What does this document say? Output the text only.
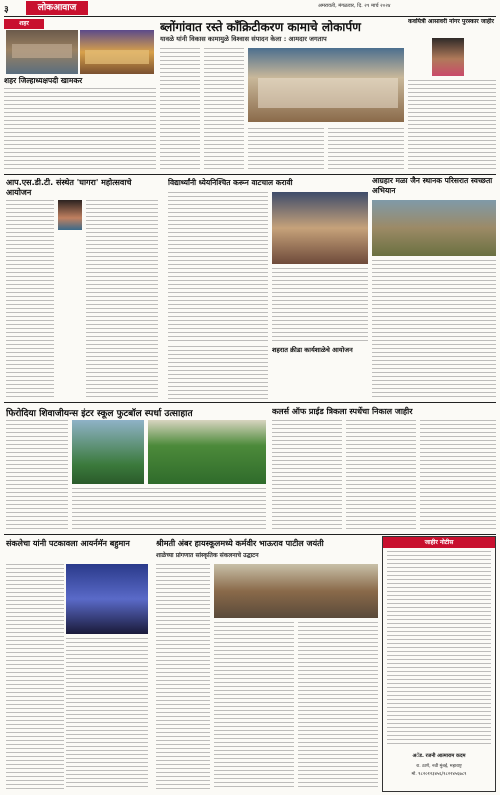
३	लोकआवाज	अमरावती, मंगळवार, दि. २९ मार्च २०२४
शहर
शहर जिल्हाध्यक्षपदी खामकर
ब्लोंगांवात रस्ते काँक्रिटीकरण कामाचे लोकार्पण
यावळे यांनी विकास कामामुळे विश्वास संपादन केला : आमदार जगताप
कवयित्री आसावरी नांगर पुरस्कार जाहीर
आप.एस.डी.टी. संस्थेत 'घागरा' महोत्सवाचे आयोजन
विद्यार्थ्यांनी ध्येयनिश्चित करून वाटचाल करावी	आग्रहार मळा जैन स्थानक परिसरात स्वच्छता अभियान
शहरात क्रीडा कार्यशाळेचे आयोजन
फिरोदिया शिवाजीयन्स इंटर स्कूल फुटबॉल स्पर्धा उत्साहात	कलर्स ऑफ प्राईड त्रिकला स्पर्धेचा निकाल जाहीर
संकलेचा यांनी पटकावला आयर्नमॅन बहुमान	श्रीमती अंबर हायस्कूलमध्ये कर्मवीर भाऊराव पाटील जयंती
शाळेच्या प्रांगणात सांस्कृतिक संकलनाचे उद्घाटन
जाहीर नोटीस
अॅड. रजनी आत्माराम कदम
रा. ठाणे, नवी मुंबई, महाराष्ट्र
मो. ९८२०१२३४५६/९८२२४५६७८९
